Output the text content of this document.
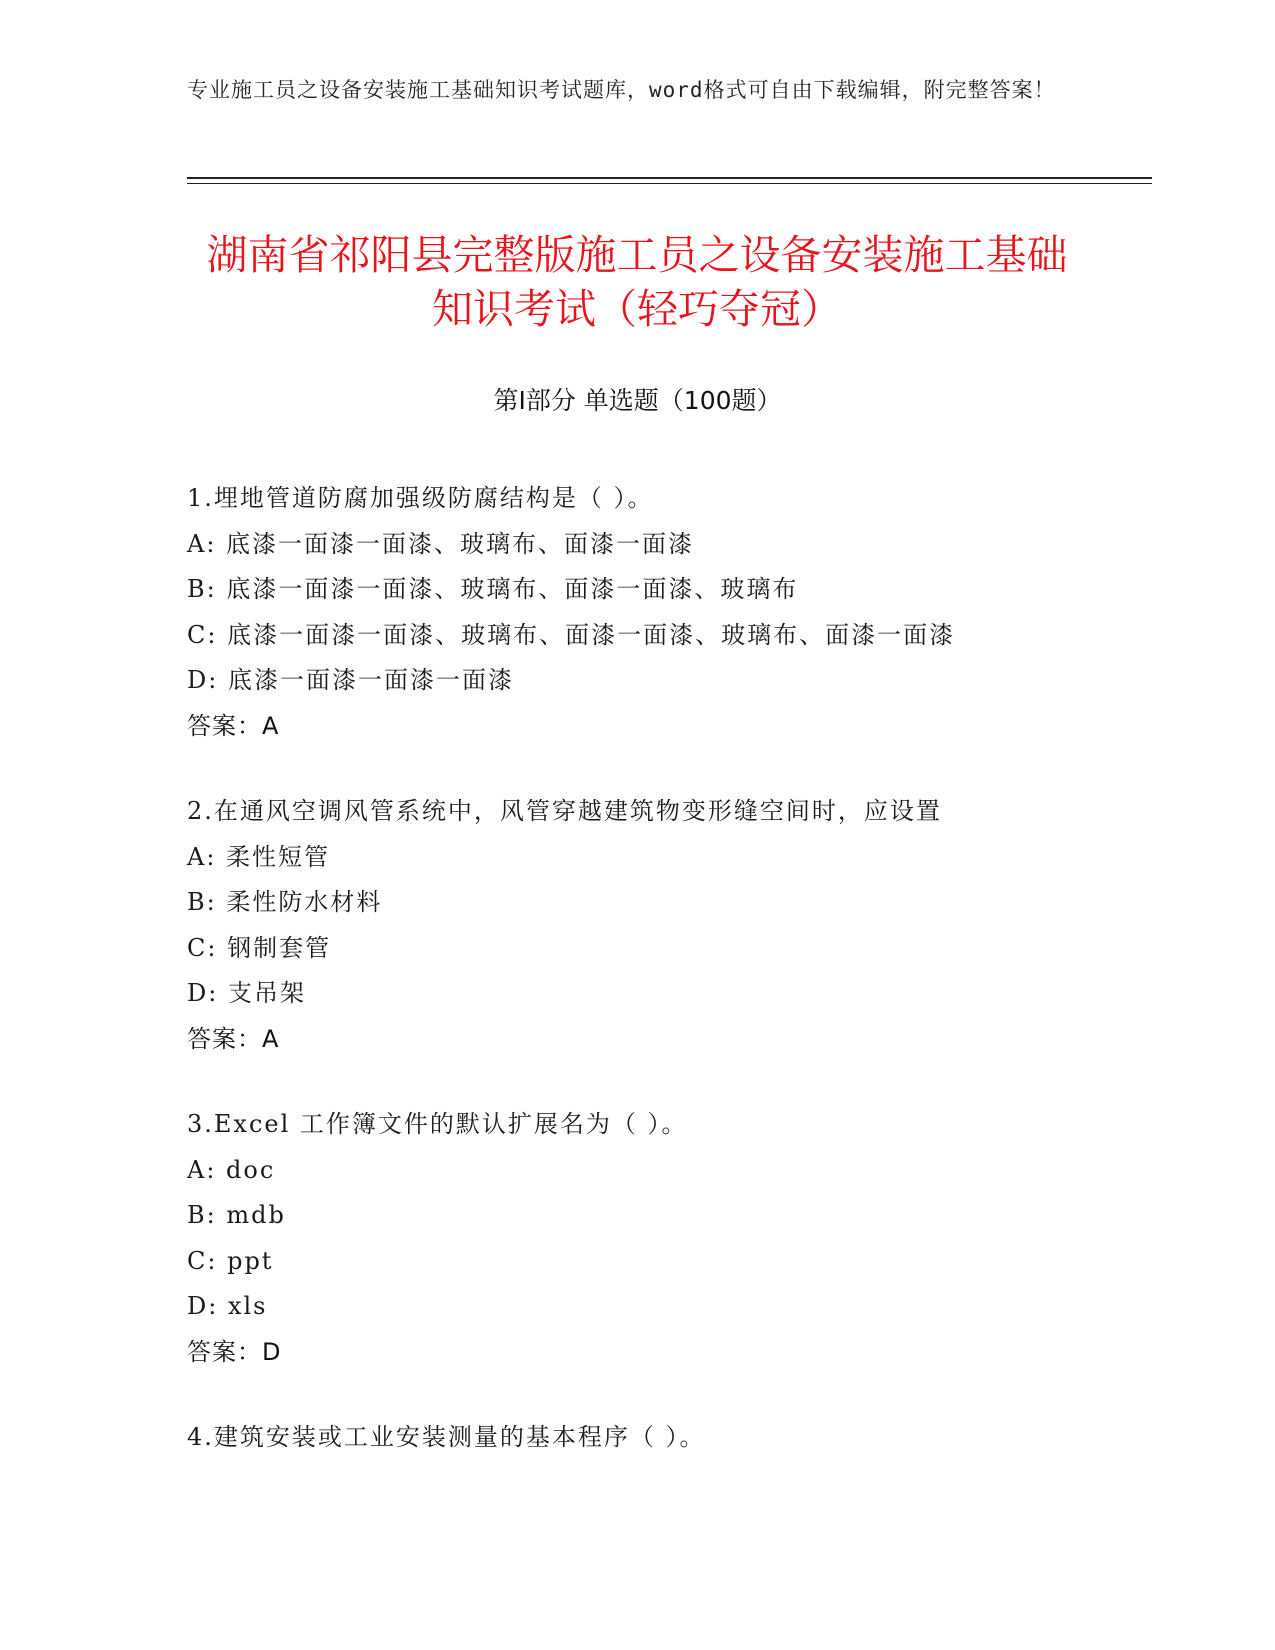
专业施工员之设备安装施工基础知识考试题库，word格式可自由下载编辑，附完整答案！
湖南省祁阳县完整版施工员之设备安装施工基础知识考试（轻巧夺冠）
第Ⅰ部分 单选题（100题）
1.埋地管道防腐加强级防腐结构是（ ）。
A: 底漆一面漆一面漆、玻璃布、面漆一面漆
B: 底漆一面漆一面漆、玻璃布、面漆一面漆、玻璃布
C: 底漆一面漆一面漆、玻璃布、面漆一面漆、玻璃布、面漆一面漆
D: 底漆一面漆一面漆一面漆
答案：A
2.在通风空调风管系统中，风管穿越建筑物变形缝空间时，应设置
A: 柔性短管
B: 柔性防水材料
C: 钢制套管
D: 支吊架
答案：A
3.Excel 工作簿文件的默认扩展名为（ ）。
A: doc
B: mdb
C: ppt
D: xls
答案：D
4.建筑安装或工业安装测量的基本程序（ ）。
